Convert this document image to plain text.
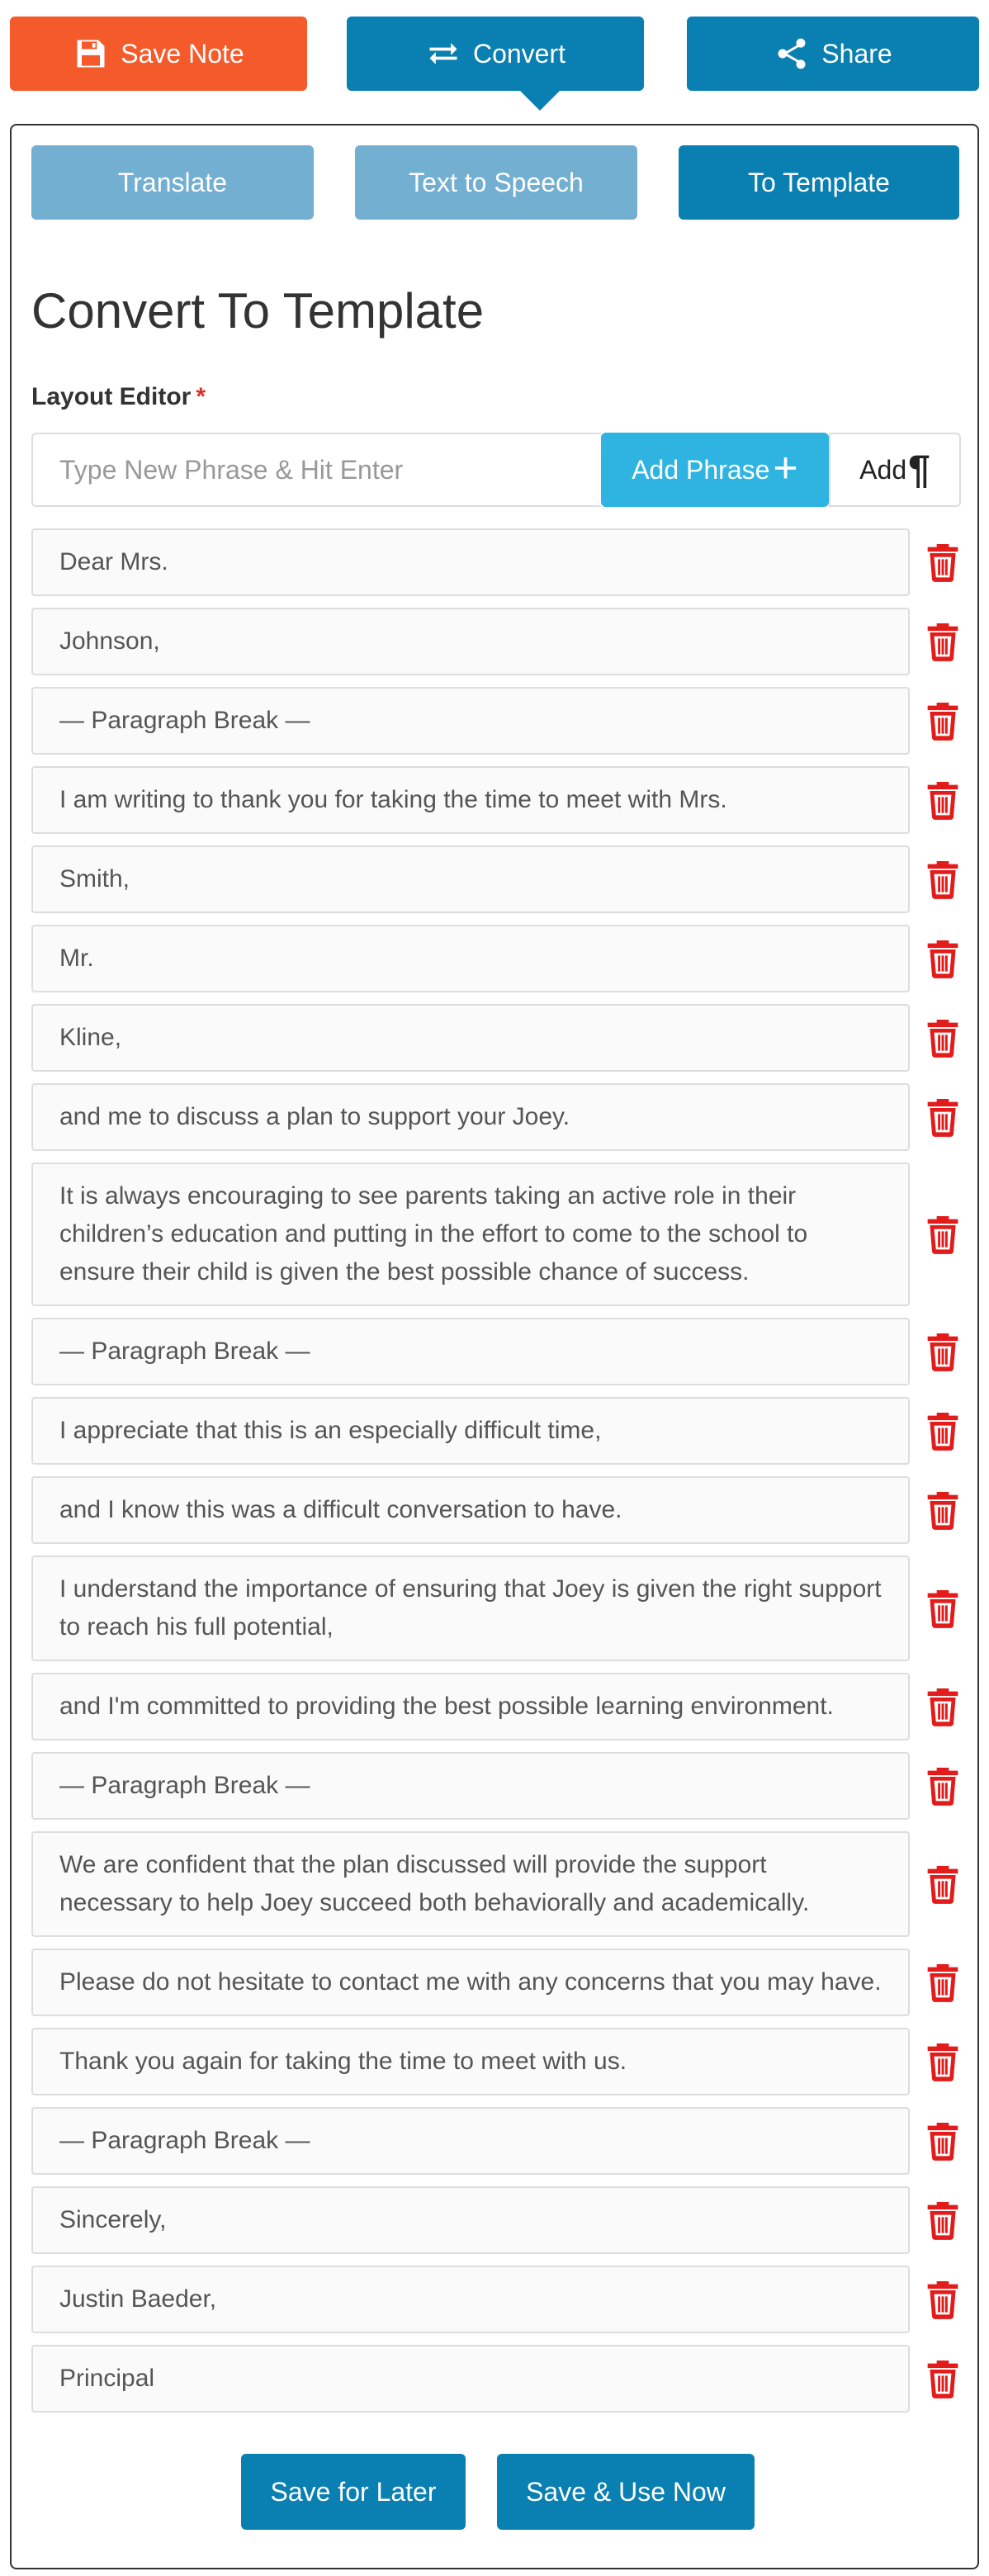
Save Note	Convert	Share
Translate	Text to Speech	To Template
Convert To Template
Layout Editor *
Type New Phrase & Hit Enter
Add Phrase + Add ¶
Dear Mrs.
Johnson,
— Paragraph Break —
I am writing to thank you for taking the time to meet with Mrs.
Smith,
Mr.
Kline,
and me to discuss a plan to support your Joey.
It is always encouraging to see parents taking an active role in their children’s education and putting in the effort to come to the school to ensure their child is given the best possible chance of success.
— Paragraph Break —
I appreciate that this is an especially difficult time,
and I know this was a difficult conversation to have.
I understand the importance of ensuring that Joey is given the right support to reach his full potential,
and I'm committed to providing the best possible learning environment.
— Paragraph Break —
We are confident that the plan discussed will provide the support necessary to help Joey succeed both behaviorally and academically.
Please do not hesitate to contact me with any concerns that you may have.
Thank you again for taking the time to meet with us.
— Paragraph Break —
Sincerely,
Justin Baeder,
Principal
Save for Later	Save & Use Now
